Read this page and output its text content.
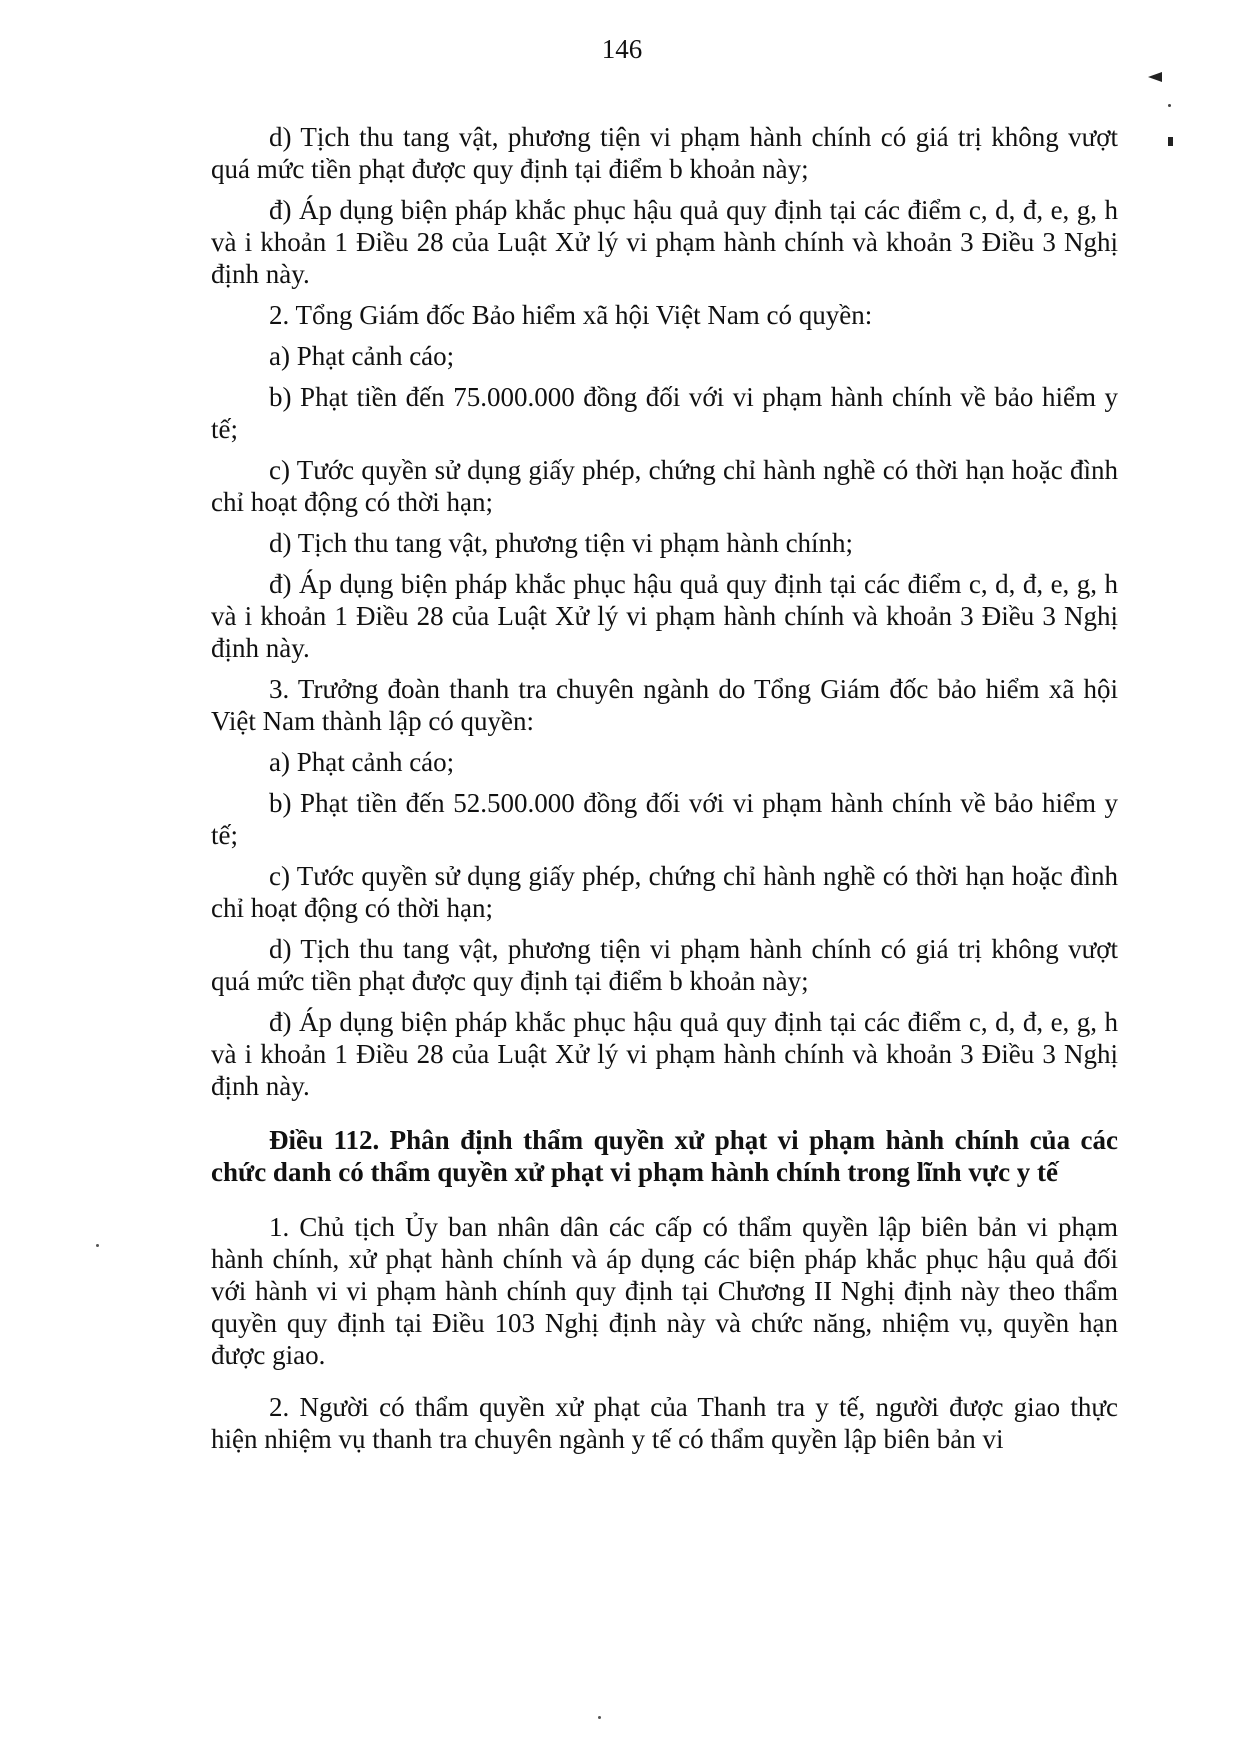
146

d) Tịch thu tang vật, phương tiện vi phạm hành chính có giá trị không vượt quá mức tiền phạt được quy định tại điểm b khoản này;

đ) Áp dụng biện pháp khắc phục hậu quả quy định tại các điểm c, d, đ, e, g, h và i khoản 1 Điều 28 của Luật Xử lý vi phạm hành chính và khoản 3 Điều 3 Nghị định này.

2. Tổng Giám đốc Bảo hiểm xã hội Việt Nam có quyền:

a) Phạt cảnh cáo;

b) Phạt tiền đến 75.000.000 đồng đối với vi phạm hành chính về bảo hiểm y tế;

c) Tước quyền sử dụng giấy phép, chứng chỉ hành nghề có thời hạn hoặc đình chỉ hoạt động có thời hạn;

d) Tịch thu tang vật, phương tiện vi phạm hành chính;

đ) Áp dụng biện pháp khắc phục hậu quả quy định tại các điểm c, d, đ, e, g, h và i khoản 1 Điều 28 của Luật Xử lý vi phạm hành chính và khoản 3 Điều 3 Nghị định này.

3. Trưởng đoàn thanh tra chuyên ngành do Tổng Giám đốc bảo hiểm xã hội Việt Nam thành lập có quyền:

a) Phạt cảnh cáo;

b) Phạt tiền đến 52.500.000 đồng đối với vi phạm hành chính về bảo hiểm y tế;

c) Tước quyền sử dụng giấy phép, chứng chỉ hành nghề có thời hạn hoặc đình chỉ hoạt động có thời hạn;

d) Tịch thu tang vật, phương tiện vi phạm hành chính có giá trị không vượt quá mức tiền phạt được quy định tại điểm b khoản này;

đ) Áp dụng biện pháp khắc phục hậu quả quy định tại các điểm c, d, đ, e, g, h và i khoản 1 Điều 28 của Luật Xử lý vi phạm hành chính và khoản 3 Điều 3 Nghị định này.

Điều 112. Phân định thẩm quyền xử phạt vi phạm hành chính của các chức danh có thẩm quyền xử phạt vi phạm hành chính trong lĩnh vực y tế

1. Chủ tịch Ủy ban nhân dân các cấp có thẩm quyền lập biên bản vi phạm hành chính, xử phạt hành chính và áp dụng các biện pháp khắc phục hậu quả đối với hành vi vi phạm hành chính quy định tại Chương II Nghị định này theo thẩm quyền quy định tại Điều 103 Nghị định này và chức năng, nhiệm vụ, quyền hạn được giao.

2. Người có thẩm quyền xử phạt của Thanh tra y tế, người được giao thực hiện nhiệm vụ thanh tra chuyên ngành y tế có thẩm quyền lập biên bản vi
